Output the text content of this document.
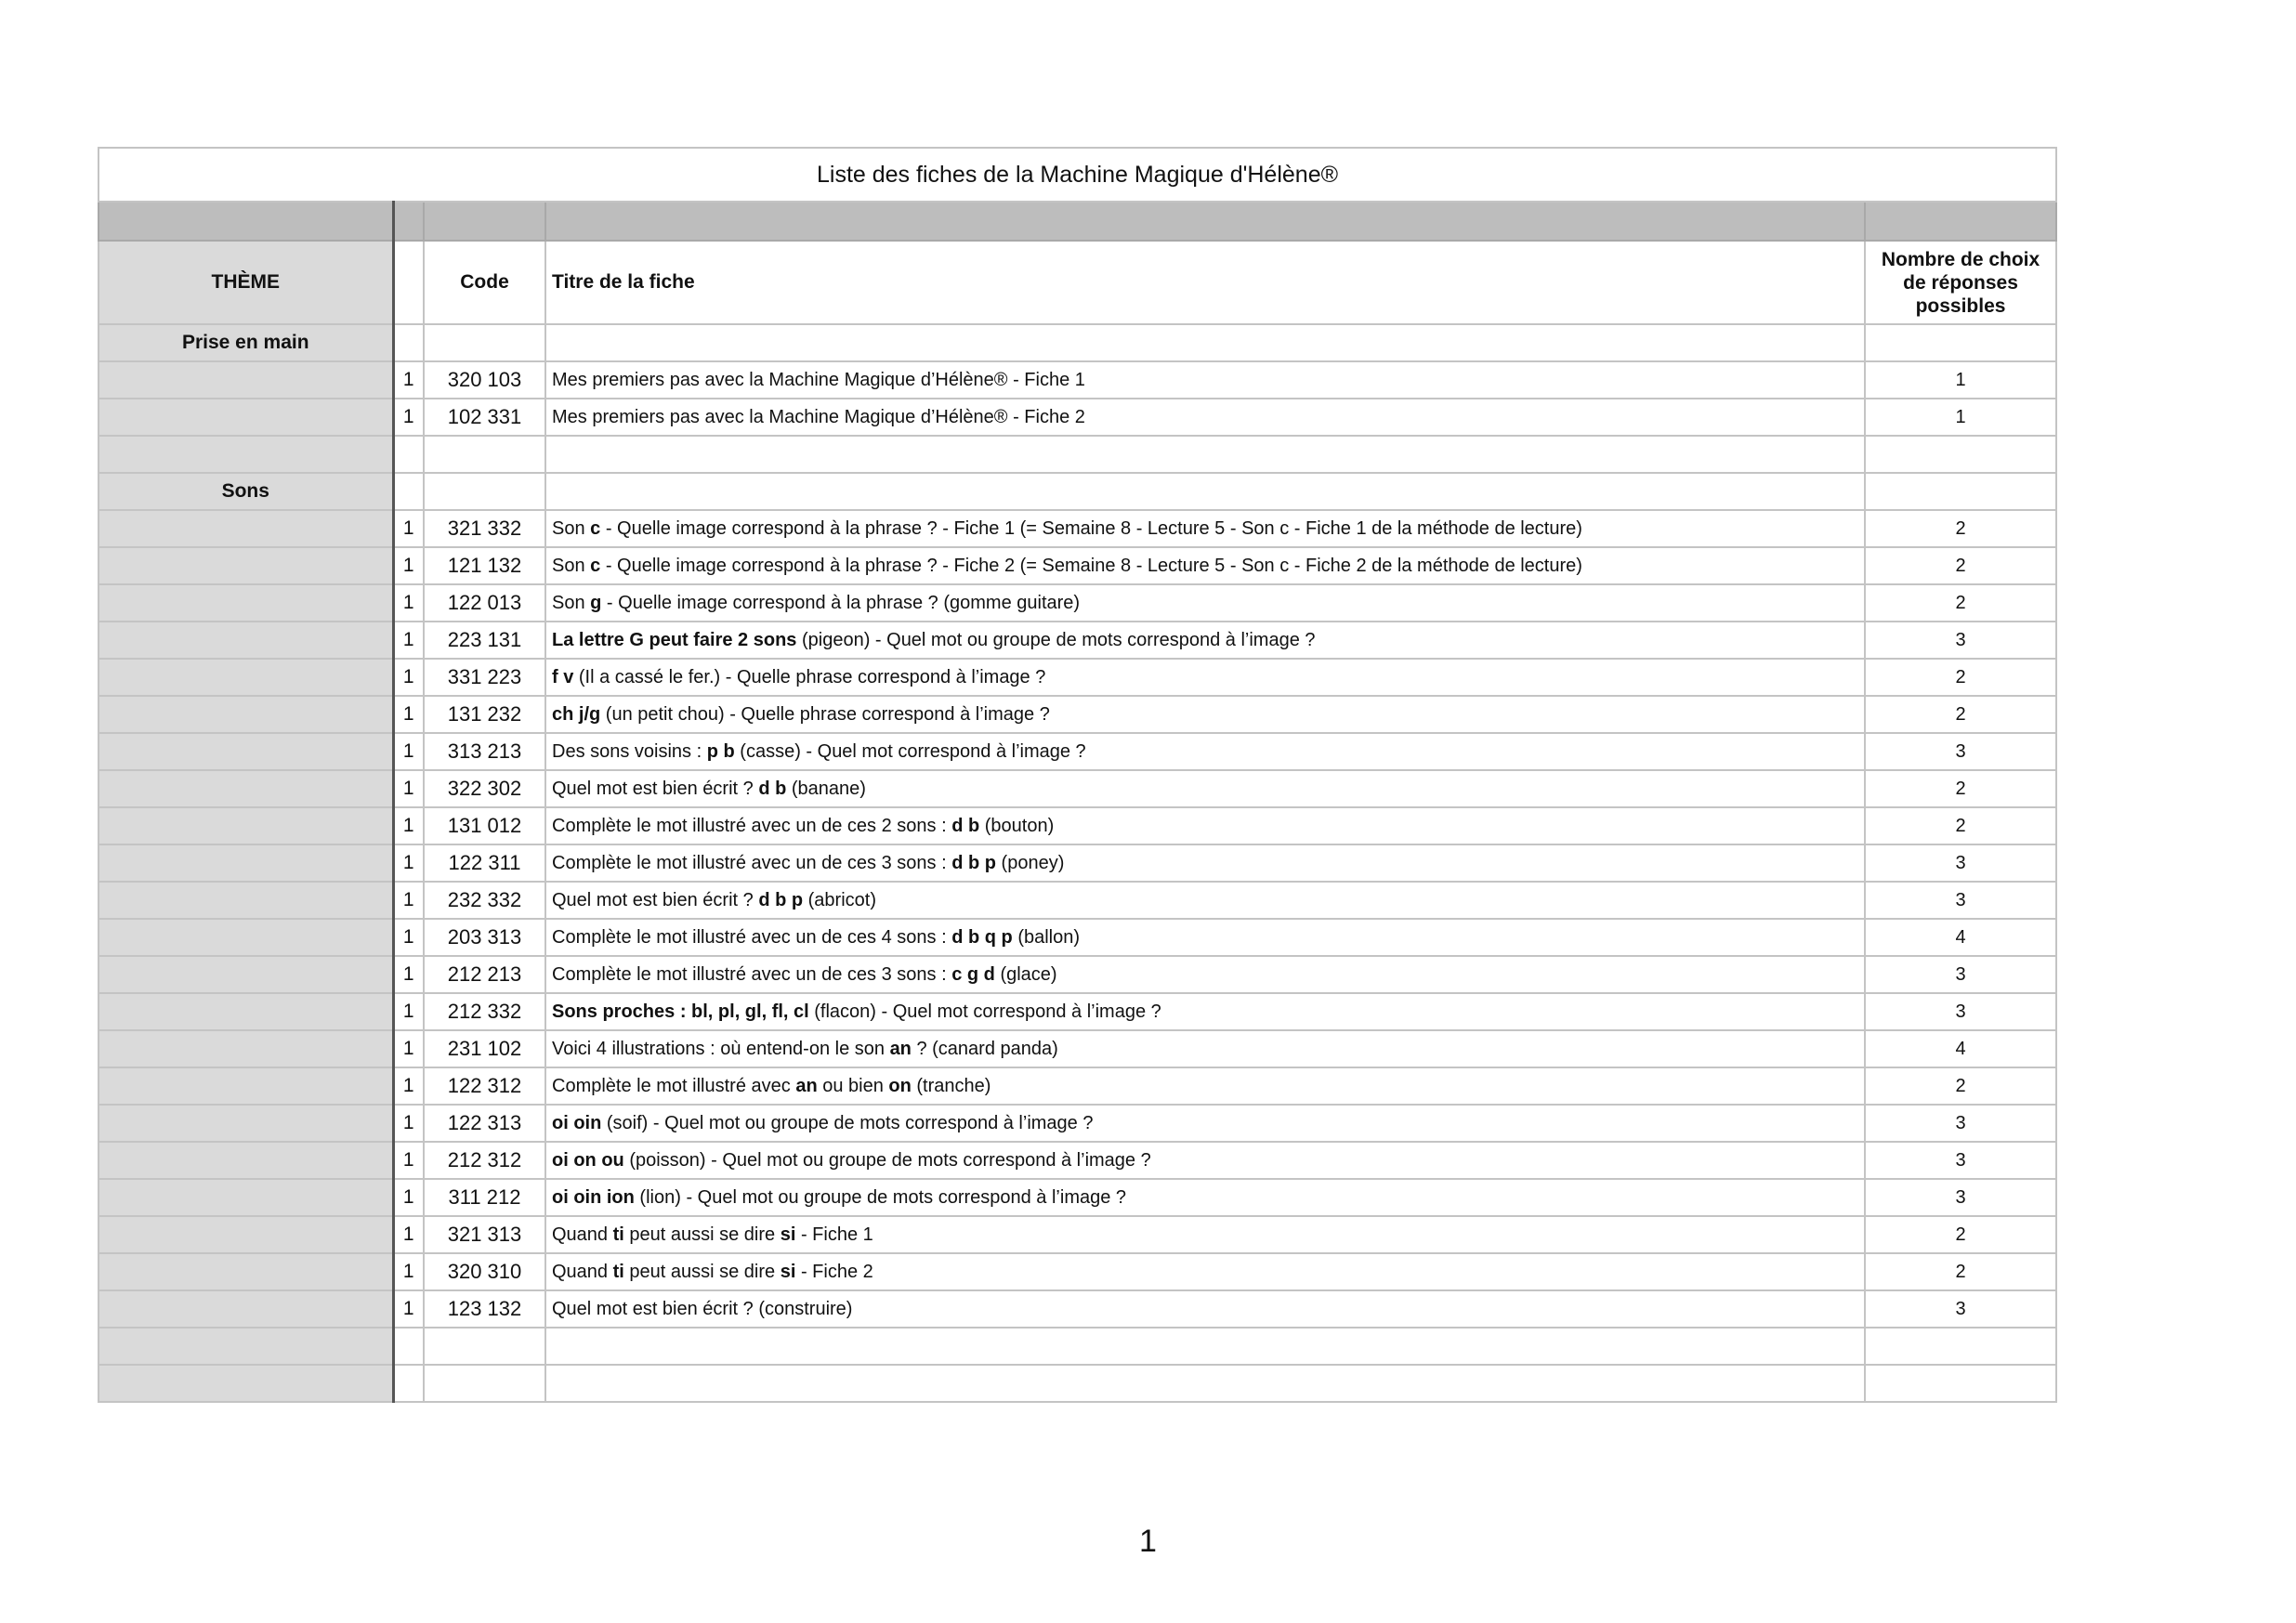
Liste des fiches de la Machine Magique d'Hélène®				

THÈME		Code	Titre de la fiche	Nombre de choix de réponses possibles
Prise en main				
	1	320 103	Mes premiers pas avec la Machine Magique d’Hélène® - Fiche 1	1
	1	102 331	Mes premiers pas avec la Machine Magique d’Hélène® - Fiche 2	1

Sons				
	1	321 332	Son c - Quelle image correspond à la phrase ? - Fiche 1 (= Semaine 8 - Lecture 5 - Son c - Fiche 1 de la méthode de lecture)	2
	1	121 132	Son c - Quelle image correspond à la phrase ? - Fiche 2 (= Semaine 8 - Lecture 5 - Son c - Fiche 2 de la méthode de lecture)	2
	1	122 013	Son g - Quelle image correspond à la phrase ? (gomme guitare)	2
	1	223 131	La lettre G peut faire 2 sons (pigeon) - Quel mot ou groupe de mots correspond à l’image ?	3
	1	331 223	f v (Il a cassé le fer.) - Quelle phrase correspond à l’image ?	2
	1	131 232	ch j/g (un petit chou) - Quelle phrase correspond à l’image ?	2
	1	313 213	Des sons voisins : p b (casse) - Quel mot correspond à l’image ?	3
	1	322 302	Quel mot est bien écrit ? d b (banane)	2
	1	131 012	Complète le mot illustré avec un de ces 2 sons : d b (bouton)	2
	1	122 311	Complète le mot illustré avec un de ces 3 sons : d b p (poney)	3
	1	232 332	Quel mot est bien écrit ? d b p (abricot)	3
	1	203 313	Complète le mot illustré avec un de ces 4 sons : d b q p (ballon)	4
	1	212 213	Complète le mot illustré avec un de ces 3 sons : c g d (glace)	3
	1	212 332	Sons proches : bl, pl, gl, fl, cl (flacon) - Quel mot correspond à l’image ?	3
	1	231 102	Voici 4 illustrations : où entend-on le son an ? (canard panda)	4
	1	122 312	Complète le mot illustré avec an ou bien on (tranche)	2
	1	122 313	oi oin (soif) - Quel mot ou groupe de mots correspond à l’image ?	3
	1	212 312	oi on ou (poisson) - Quel mot ou groupe de mots correspond à l’image ?	3
	1	311 212	oi oin ion (lion) - Quel mot ou groupe de mots correspond à l’image ?	3
	1	321 313	Quand ti peut aussi se dire si - Fiche 1	2
	1	320 310	Quand ti peut aussi se dire si - Fiche 2	2
	1	123 132	Quel mot est bien écrit ? (construire)	3

1
